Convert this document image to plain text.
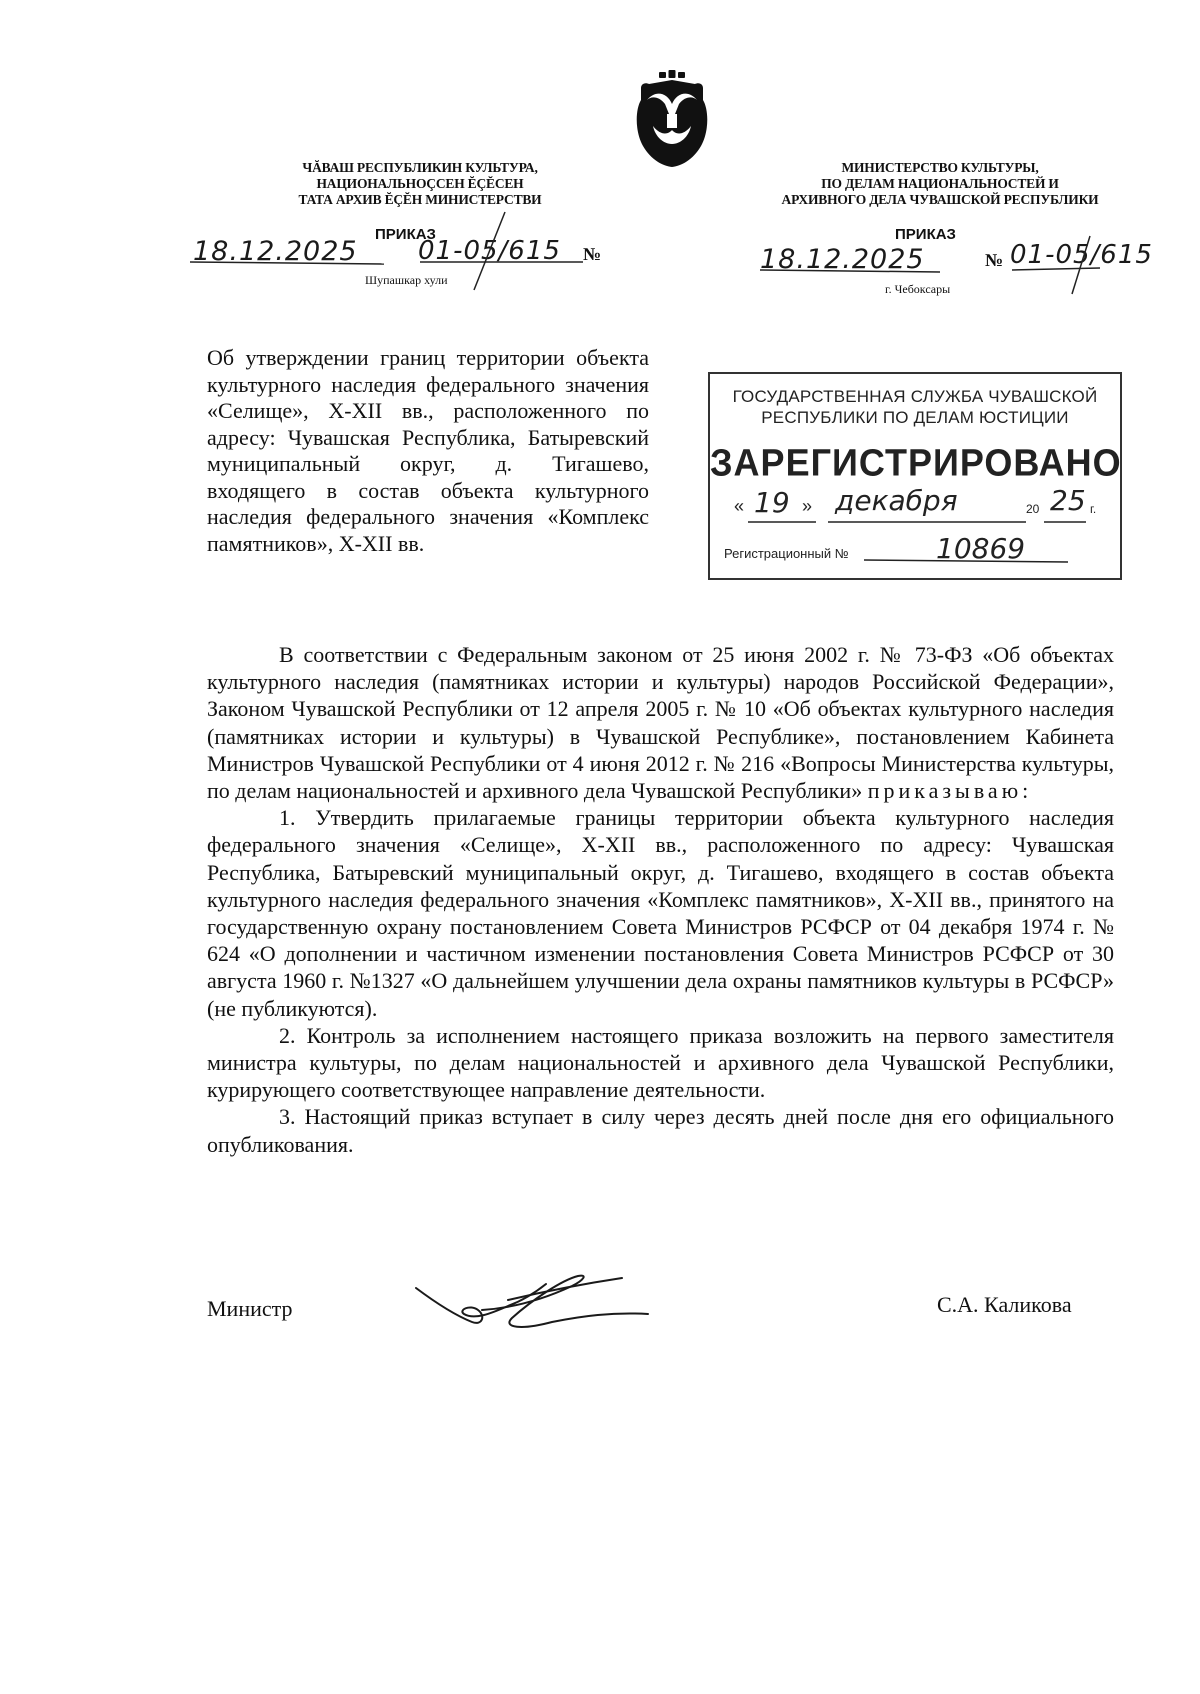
ЧĂВАШ РЕСПУБЛИКИН КУЛЬТУРА,
НАЦИОНАЛЬНОÇСЕН ĔÇĔСЕН
ТАТА АРХИВ ĔÇĔН МИНИСТЕРСТВИ
МИНИСТЕРСТВО КУЛЬТУРЫ,
ПО ДЕЛАМ НАЦИОНАЛЬНОСТЕЙ И
АРХИВНОГО ДЕЛА ЧУВАШСКОЙ РЕСПУБЛИКИ
ПРИКАЗ	ПРИКАЗ
18.12.2025 01-05/615 №	18.12.2025	№ 01-05/615
Шупашкар хули
г. Чебоксары
Об утверждении границ территории объекта культурного наследия федерального значения «Селище», X-XII вв., расположенного по адресу: Чувашская Республика, Батыревский муниципальный округ, д. Тигашево, входящего в состав объекта культурного наследия федерального значения «Комплекс памятников», X-XII вв.
ГОСУДАРСТВЕННАЯ СЛУЖБА ЧУВАШСКОЙ
РЕСПУБЛИКИ ПО ДЕЛАМ ЮСТИЦИИ
ЗАРЕГИСТРИРОВАНО
« 19 » декабря	20 25 г.
Регистрационный №	10869

В соответствии с Федеральным законом от 25 июня 2002 г. № 73-ФЗ «Об объектах культурного наследия (памятниках истории и культуры) народов Российской Федерации», Законом Чувашской Республики от 12 апреля 2005 г. № 10 «Об объектах культурного наследия (памятниках истории и культуры) в Чувашской Республике», постановлением Кабинета Министров Чувашской Республики от 4 июня 2012 г. № 216 «Вопросы Министерства культуры, по делам национальностей и архивного дела Чувашской Республики» приказываю:

1. Утвердить прилагаемые границы территории объекта культурного наследия федерального значения «Селище», X-XII вв., расположенного по адресу: Чувашская Республика, Батыревский муниципальный округ, д. Тигашево, входящего в состав объекта культурного наследия федерального значения «Комплекс памятников», X-XII вв., принятого на государственную охрану постановлением Совета Министров РСФСР от 04 декабря 1974 г. № 624 «О дополнении и частичном изменении постановления Совета Министров РСФСР от 30 августа 1960 г. №1327 «О дальнейшем улучшении дела охраны памятников культуры в РСФСР» (не публикуются).

2. Контроль за исполнением настоящего приказа возложить на первого заместителя министра культуры, по делам национальностей и архивного дела Чувашской Республики, курирующего соответствующее направление деятельности.

3. Настоящий приказ вступает в силу через десять дней после дня его официального опубликования.

Министр	С.А. Каликова
